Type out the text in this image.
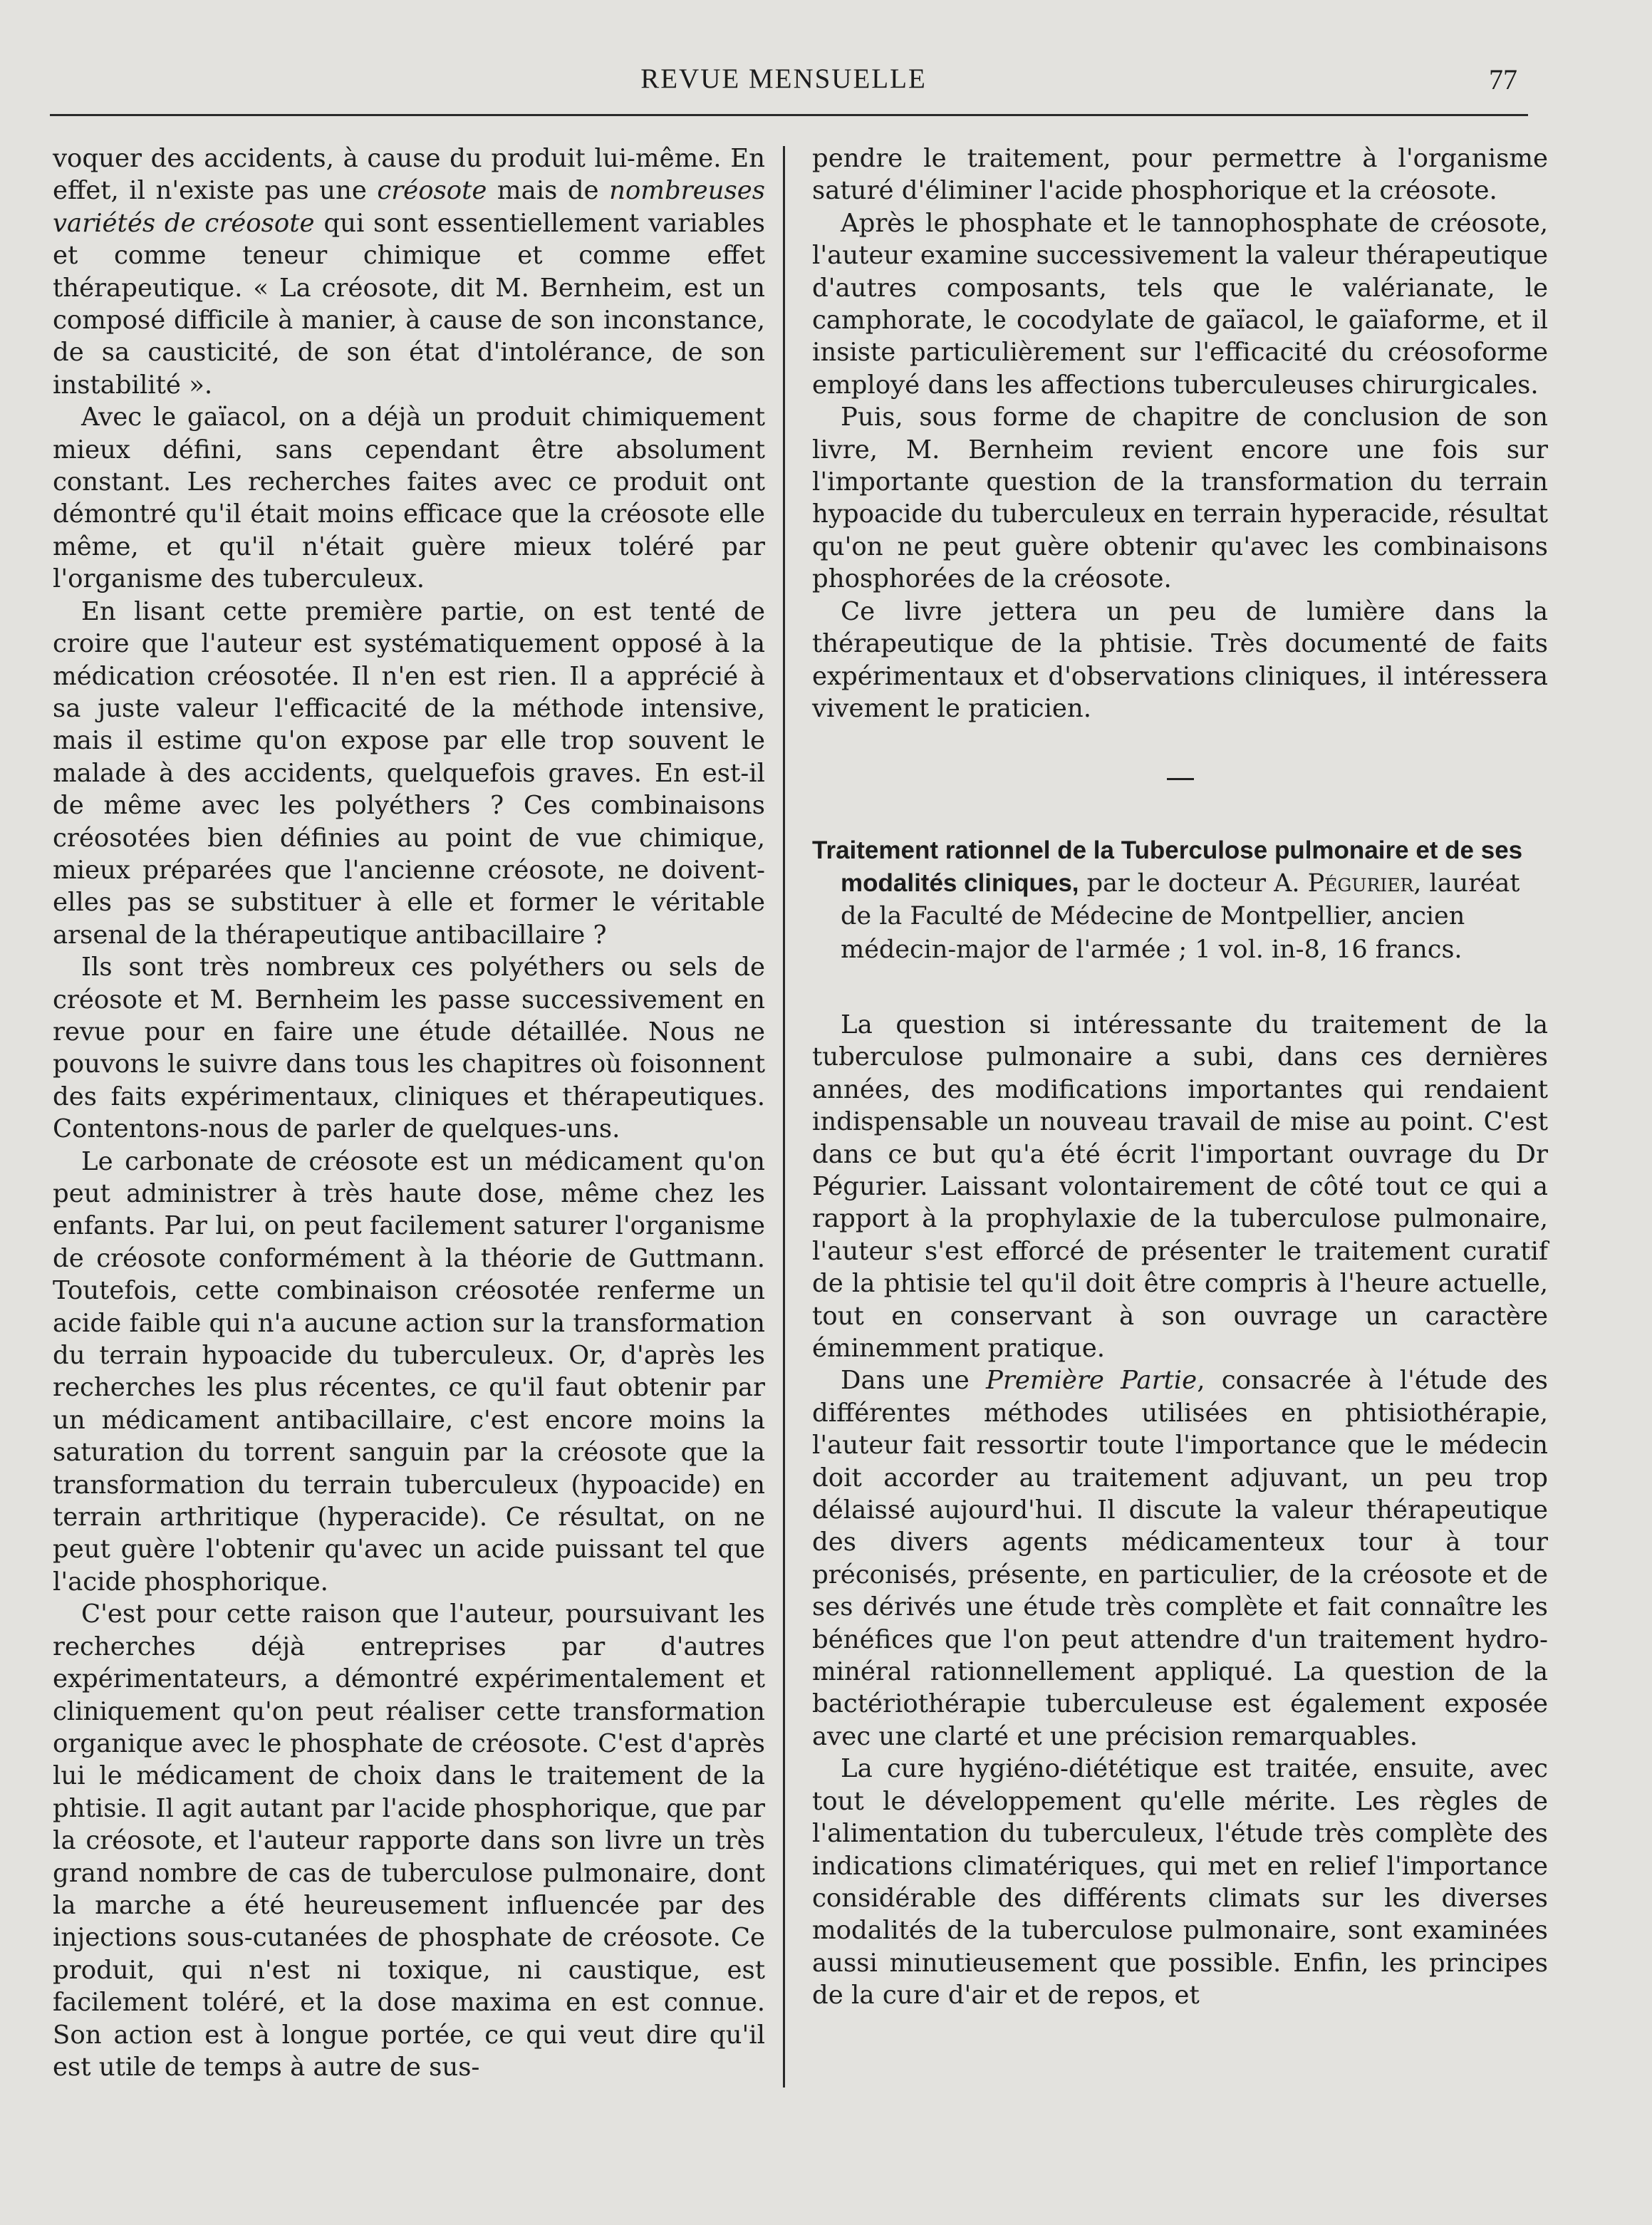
REVUE MENSUELLE	77

voquer des accidents, à cause du produit lui-même. En effet, il n'existe pas une créosote mais de nombreuses variétés de créosote qui sont essentiellement variables et comme teneur chimique et comme effet thérapeutique. « La créosote, dit M. Bernheim, est un composé difficile à manier, à cause de son inconstance, de sa causticité, de son état d'intolérance, de son instabilité ».

Avec le gaïacol, on a déjà un produit chimiquement mieux défini, sans cependant être absolument constant. Les recherches faites avec ce produit ont démontré qu'il était moins efficace que la créosote elle même, et qu'il n'était guère mieux toléré par l'organisme des tuberculeux.

En lisant cette première partie, on est tenté de croire que l'auteur est systématiquement opposé à la médication créosotée. Il n'en est rien. Il a apprécié à sa juste valeur l'efficacité de la méthode intensive, mais il estime qu'on expose par elle trop souvent le malade à des accidents, quelquefois graves. En est-il de même avec les polyéthers ? Ces combinaisons créosotées bien définies au point de vue chimique, mieux préparées que l'ancienne créosote, ne doivent-elles pas se substituer à elle et former le véritable arsenal de la thérapeutique antibacillaire ?

Ils sont très nombreux ces polyéthers ou sels de créosote et M. Bernheim les passe successivement en revue pour en faire une étude détaillée. Nous ne pouvons le suivre dans tous les chapitres où foisonnent des faits expérimentaux, cliniques et thérapeutiques. Contentons-nous de parler de quelques-uns.

Le carbonate de créosote est un médicament qu'on peut administrer à très haute dose, même chez les enfants. Par lui, on peut facilement saturer l'organisme de créosote conformément à la théorie de Guttmann. Toutefois, cette combinaison créosotée renferme un acide faible qui n'a aucune action sur la transformation du terrain hypoacide du tuberculeux. Or, d'après les recherches les plus récentes, ce qu'il faut obtenir par un médicament antibacillaire, c'est encore moins la saturation du torrent sanguin par la créosote que la transformation du terrain tuberculeux (hypoacide) en terrain arthritique (hyperacide). Ce résultat, on ne peut guère l'obtenir qu'avec un acide puissant tel que l'acide phosphorique.

C'est pour cette raison que l'auteur, poursuivant les recherches déjà entreprises par d'autres expérimentateurs, a démontré expérimentalement et cliniquement qu'on peut réaliser cette transformation organique avec le phosphate de créosote. C'est d'après lui le médicament de choix dans le traitement de la phtisie. Il agit autant par l'acide phosphorique, que par la créosote, et l'auteur rapporte dans son livre un très grand nombre de cas de tuberculose pulmonaire, dont la marche a été heureusement influencée par des injections sous-cutanées de phosphate de créosote. Ce produit, qui n'est ni toxique, ni caustique, est facilement toléré, et la dose maxima en est connue. Son action est à longue portée, ce qui veut dire qu'il est utile de temps à autre de sus-

pendre le traitement, pour permettre à l'organisme saturé d'éliminer l'acide phosphorique et la créosote.

Après le phosphate et le tannophosphate de créosote, l'auteur examine successivement la valeur thérapeutique d'autres composants, tels que le valérianate, le camphorate, le cocodylate de gaïacol, le gaïaforme, et il insiste particulièrement sur l'efficacité du créosoforme employé dans les affections tuberculeuses chirurgicales.

Puis, sous forme de chapitre de conclusion de son livre, M. Bernheim revient encore une fois sur l'importante question de la transformation du terrain hypoacide du tuberculeux en terrain hyperacide, résultat qu'on ne peut guère obtenir qu'avec les combinaisons phosphorées de la créosote.

Ce livre jettera un peu de lumière dans la thérapeutique de la phtisie. Très documenté de faits expérimentaux et d'observations cliniques, il intéressera vivement le praticien.

Traitement rationnel de la Tuberculose pulmonaire et de ses modalités cliniques, par le docteur A. Pégurier, lauréat de la Faculté de Médecine de Montpellier, ancien médecin-major de l'armée ; 1 vol. in-8, 16 francs.

La question si intéressante du traitement de la tuberculose pulmonaire a subi, dans ces dernières années, des modifications importantes qui rendaient indispensable un nouveau travail de mise au point. C'est dans ce but qu'a été écrit l'important ouvrage du Dr Pégurier. Laissant volontairement de côté tout ce qui a rapport à la prophylaxie de la tuberculose pulmonaire, l'auteur s'est efforcé de présenter le traitement curatif de la phtisie tel qu'il doit être compris à l'heure actuelle, tout en conservant à son ouvrage un caractère éminemment pratique.

Dans une Première Partie, consacrée à l'étude des différentes méthodes utilisées en phtisiothérapie, l'auteur fait ressortir toute l'importance que le médecin doit accorder au traitement adjuvant, un peu trop délaissé aujourd'hui. Il discute la valeur thérapeutique des divers agents médicamenteux tour à tour préconisés, présente, en particulier, de la créosote et de ses dérivés une étude très complète et fait connaître les bénéfices que l'on peut attendre d'un traitement hydro-minéral rationnellement appliqué. La question de la bactériothérapie tuberculeuse est également exposée avec une clarté et une précision remarquables.

La cure hygiéno-diététique est traitée, ensuite, avec tout le développement qu'elle mérite. Les règles de l'alimentation du tuberculeux, l'étude très complète des indications climatériques, qui met en relief l'importance considérable des différents climats sur les diverses modalités de la tuberculose pulmonaire, sont examinées aussi minutieusement que possible. Enfin, les principes de la cure d'air et de repos, et
